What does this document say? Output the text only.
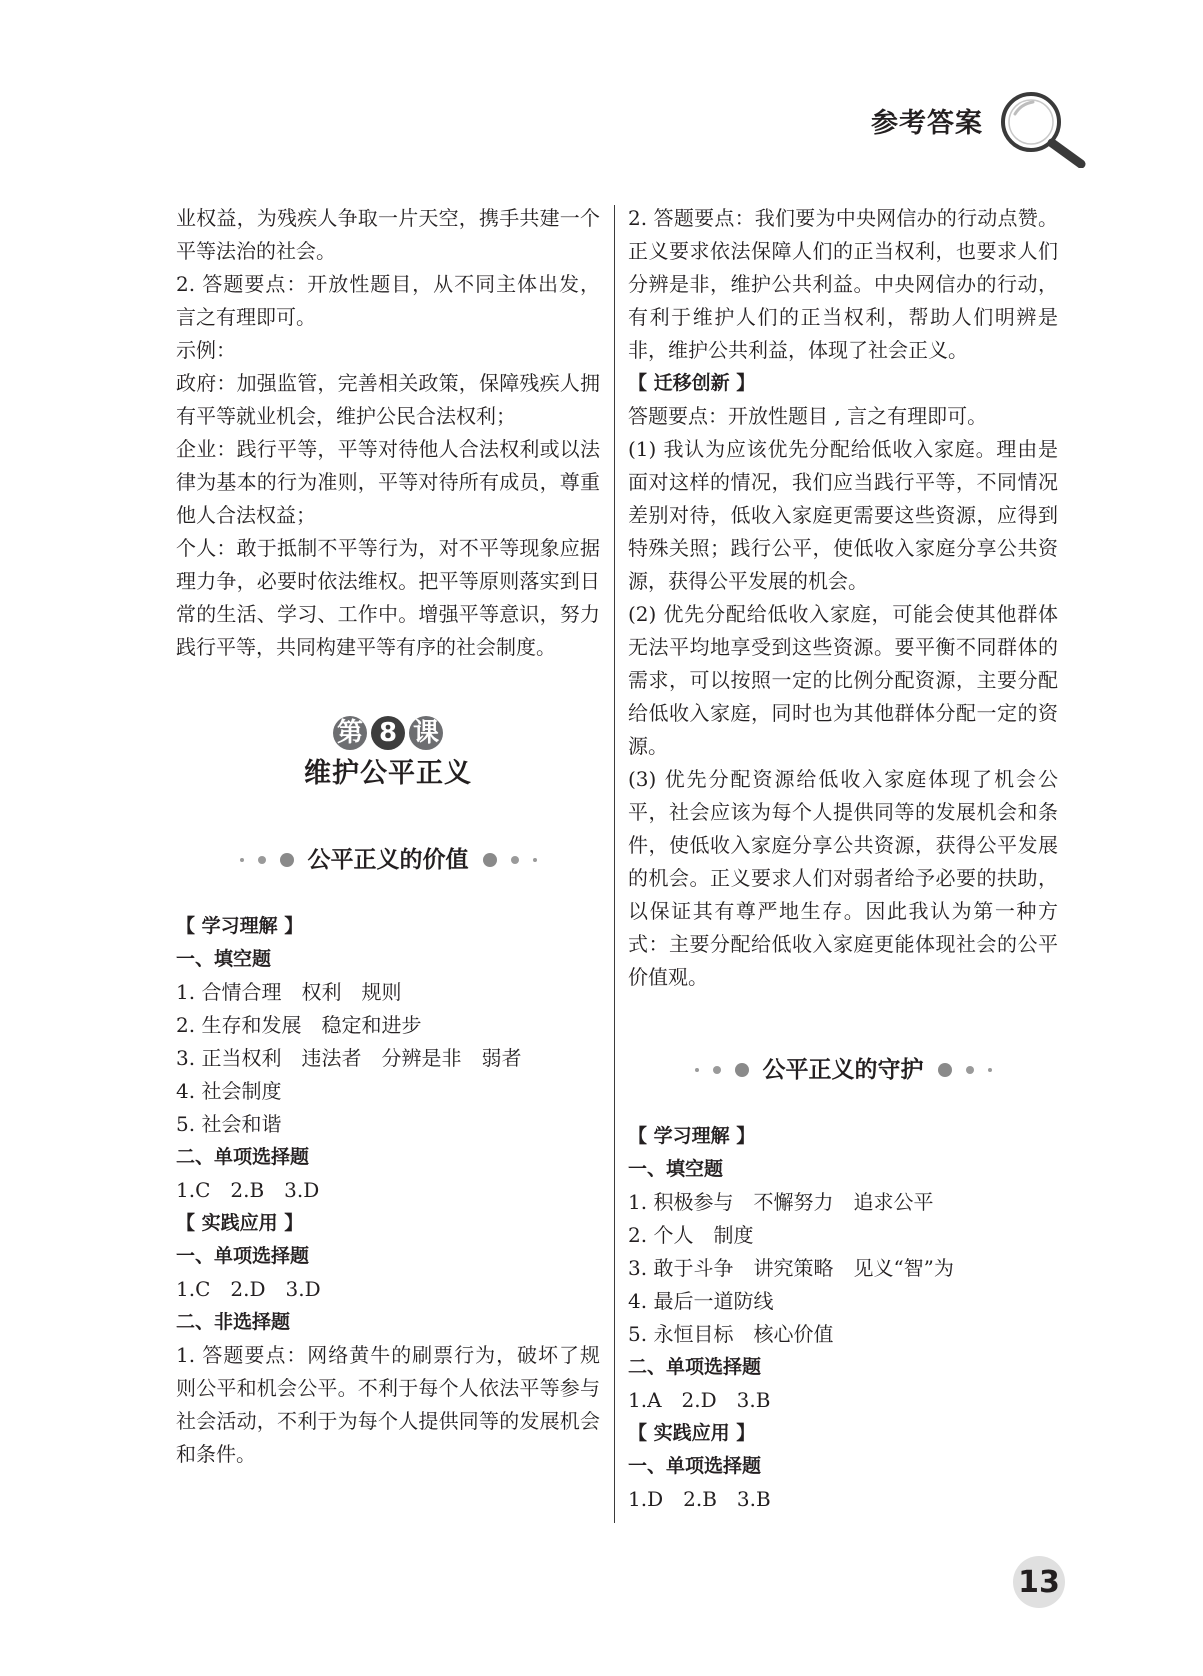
参考答案

业权益，为残疾人争取一片天空，携手共建一个平等法治的社会。

2. 答题要点：开放性题目，从不同主体出发，言之有理即可。

示例：

政府：加强监管，完善相关政策，保障残疾人拥有平等就业机会，维护公民合法权利；

企业：践行平等，平等对待他人合法权利或以法律为基本的行为准则，平等对待所有成员，尊重他人合法权益；

个人：敢于抵制不平等行为，对不平等现象应据理力争，必要时依法维权。把平等原则落实到日常的生活、学习、工作中。增强平等意识，努力践行平等，共同构建平等有序的社会制度。

第 8 课
维护公平正义
公平正义的价值

【 学习理解 】

一、填空题

1. 合情合理　权利　规则

2. 生存和发展　稳定和进步

3. 正当权利　违法者　分辨是非　弱者

4. 社会制度

5. 社会和谐

二、单项选择题

1.C　2.B　3.D

【 实践应用 】

一、单项选择题

1.C　2.D　3.D

二、非选择题

1. 答题要点：网络黄牛的刷票行为，破坏了规则公平和机会公平。不利于每个人依法平等参与社会活动，不利于为每个人提供同等的发展机会和条件。

2. 答题要点：我们要为中央网信办的行动点赞。正义要求依法保障人们的正当权利，也要求人们分辨是非，维护公共利益。中央网信办的行动，有利于维护人们的正当权利，帮助人们明辨是非，维护公共利益，体现了社会正义。

【 迁移创新 】

答题要点：开放性题目 , 言之有理即可。

(1) 我认为应该优先分配给低收入家庭。理由是面对这样的情况，我们应当践行平等，不同情况差别对待，低收入家庭更需要这些资源，应得到特殊关照；践行公平，使低收入家庭分享公共资源，获得公平发展的机会。

(2) 优先分配给低收入家庭，可能会使其他群体无法平均地享受到这些资源。要平衡不同群体的需求，可以按照一定的比例分配资源，主要分配给低收入家庭，同时也为其他群体分配一定的资源。

(3) 优先分配资源给低收入家庭体现了机会公平，社会应该为每个人提供同等的发展机会和条件，使低收入家庭分享公共资源，获得公平发展的机会。正义要求人们对弱者给予必要的扶助，以保证其有尊严地生存。因此我认为第一种方式：主要分配给低收入家庭更能体现社会的公平价值观。

公平正义的守护

【 学习理解 】

一、填空题

1. 积极参与　不懈努力　追求公平

2. 个人　制度

3. 敢于斗争　讲究策略　见义“智”为

4. 最后一道防线

5. 永恒目标　核心价值

二、单项选择题

1.A　2.D　3.B

【 实践应用 】

一、单项选择题

1.D　2.B　3.B

13
